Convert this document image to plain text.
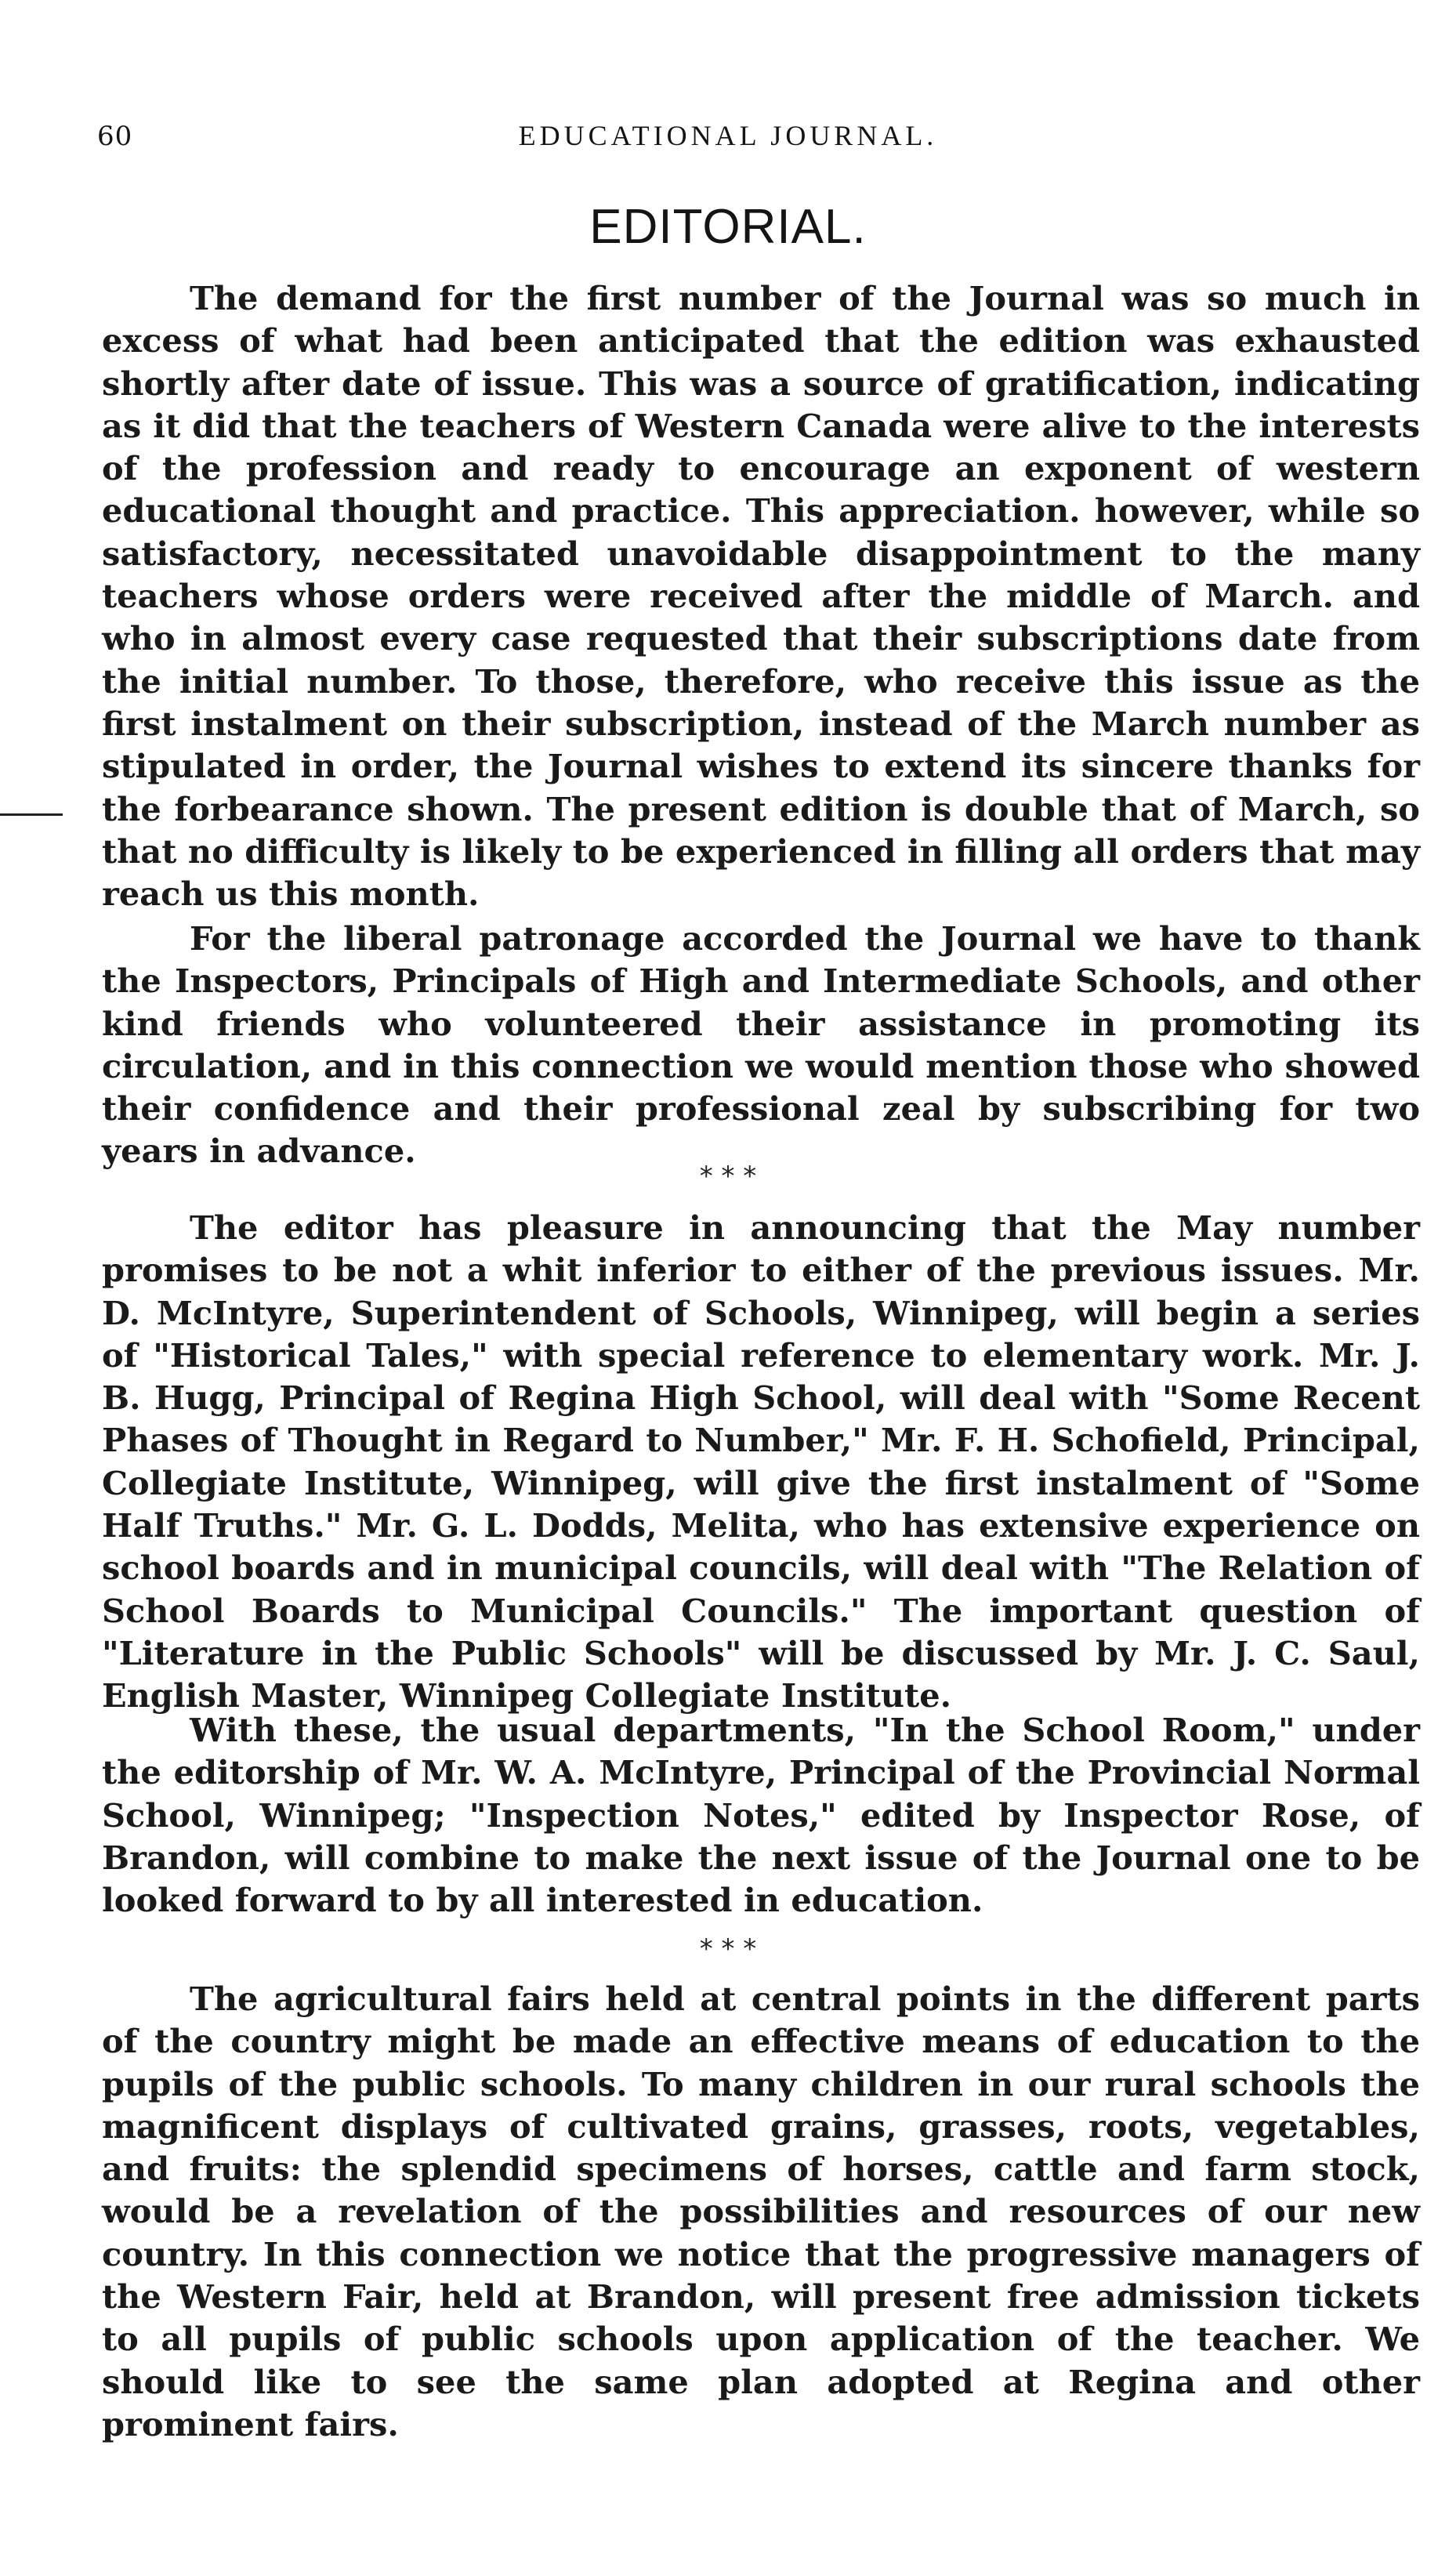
60	EDUCATIONAL JOURNAL.
EDITORIAL.

The demand for the first number of the Journal was so much in excess of what had been anticipated that the edition was exhausted shortly after date of issue. This was a source of gratification, indicating as it did that the teachers of Western Canada were alive to the interests of the profession and ready to encourage an exponent of western educational thought and practice. This appreciation. however, while so satisfactory, necessitated unavoidable disappointment to the many teachers whose orders were received after the middle of March. and who in almost every case requested that their subscriptions date from the initial number. To those, therefore, who receive this issue as the first instalment on their subscription, instead of the March number as stipulated in order, the Journal wishes to extend its sincere thanks for the forbearance shown. The present edition is double that of March, so that no difficulty is likely to be experienced in filling all orders that may reach us this month.

For the liberal patronage accorded the Journal we have to thank the Inspectors, Principals of High and Intermediate Schools, and other kind friends who volunteered their assistance in promoting its circulation, and in this connection we would mention those who showed their confidence and their professional zeal by subscribing for two years in advance.

* * *

The editor has pleasure in announcing that the May number promises to be not a whit inferior to either of the previous issues. Mr. D. McIntyre, Superintendent of Schools, Winnipeg, will begin a series of "Historical Tales," with special reference to elementary work. Mr. J. B. Hugg, Principal of Regina High School, will deal with "Some Recent Phases of Thought in Regard to Number," Mr. F. H. Schofield, Principal, Collegiate Institute, Winnipeg, will give the first instalment of "Some Half Truths." Mr. G. L. Dodds, Melita, who has extensive experience on school boards and in municipal councils, will deal with "The Relation of School Boards to Municipal Councils." The important question of "Literature in the Public Schools" will be discussed by Mr. J. C. Saul, English Master, Winnipeg Collegiate Institute.

With these, the usual departments, "In the School Room," under the editorship of Mr. W. A. McIntyre, Principal of the Provincial Normal School, Winnipeg; "Inspection Notes," edited by Inspector Rose, of Brandon, will combine to make the next issue of the Journal one to be looked forward to by all interested in education.

* * *

The agricultural fairs held at central points in the different parts of the country might be made an effective means of education to the pupils of the public schools. To many children in our rural schools the magnificent displays of cultivated grains, grasses, roots, vegetables, and fruits: the splendid specimens of horses, cattle and farm stock, would be a revelation of the possibilities and resources of our new country. In this connection we notice that the progressive managers of the Western Fair, held at Brandon, will present free admission tickets to all pupils of public schools upon application of the teacher. We should like to see the same plan adopted at Regina and other prominent fairs.
